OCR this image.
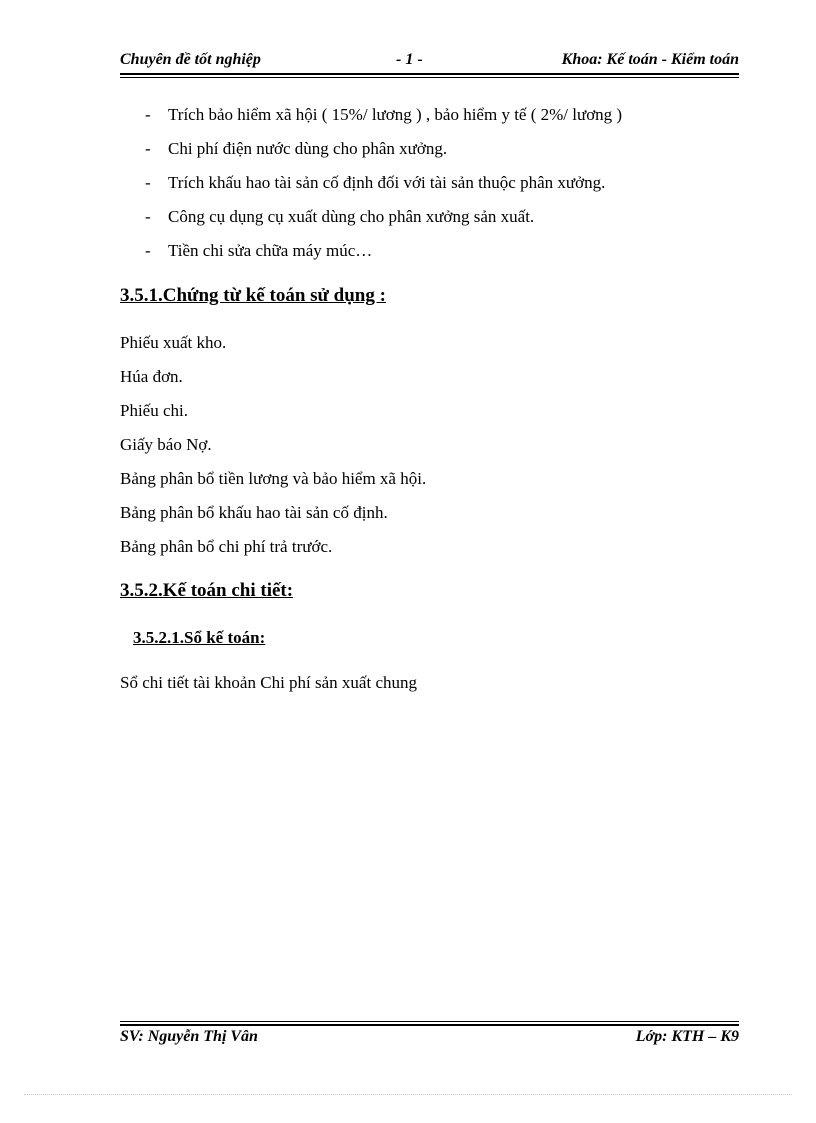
Chuyên đề tốt nghiệp	- 1 -	Khoa: Kế toán - Kiểm toán
- Trích bảo hiểm xã hội ( 15%/ lương ) , bảo hiểm y tế ( 2%/ lương )
- Chi phí điện nước dùng cho phân xưởng.
- Trích khấu hao tài sản cố định đối với tài sản thuộc phân xưởng.
- Công cụ dụng cụ xuất dùng cho phân xưởng sản xuất.
- Tiền chi sửa chữa máy múc…
3.5.1.Chứng từ kế toán sử dụng :
Phiếu xuất kho.
Húa đơn.
Phiếu chi.
Giấy báo Nợ.
Bảng phân bổ tiền lương và bảo hiểm xã hội.
Bảng phân bổ khấu hao tài sản cố định.
Bảng phân bổ chi phí trả trước.
3.5.2.Kế toán chi tiết:
3.5.2.1.Sổ kế toán:
Sổ chi tiết tài khoản Chi phí sản xuất chung
SV: Nguyễn Thị Vân	Lớp: KTH – K9
